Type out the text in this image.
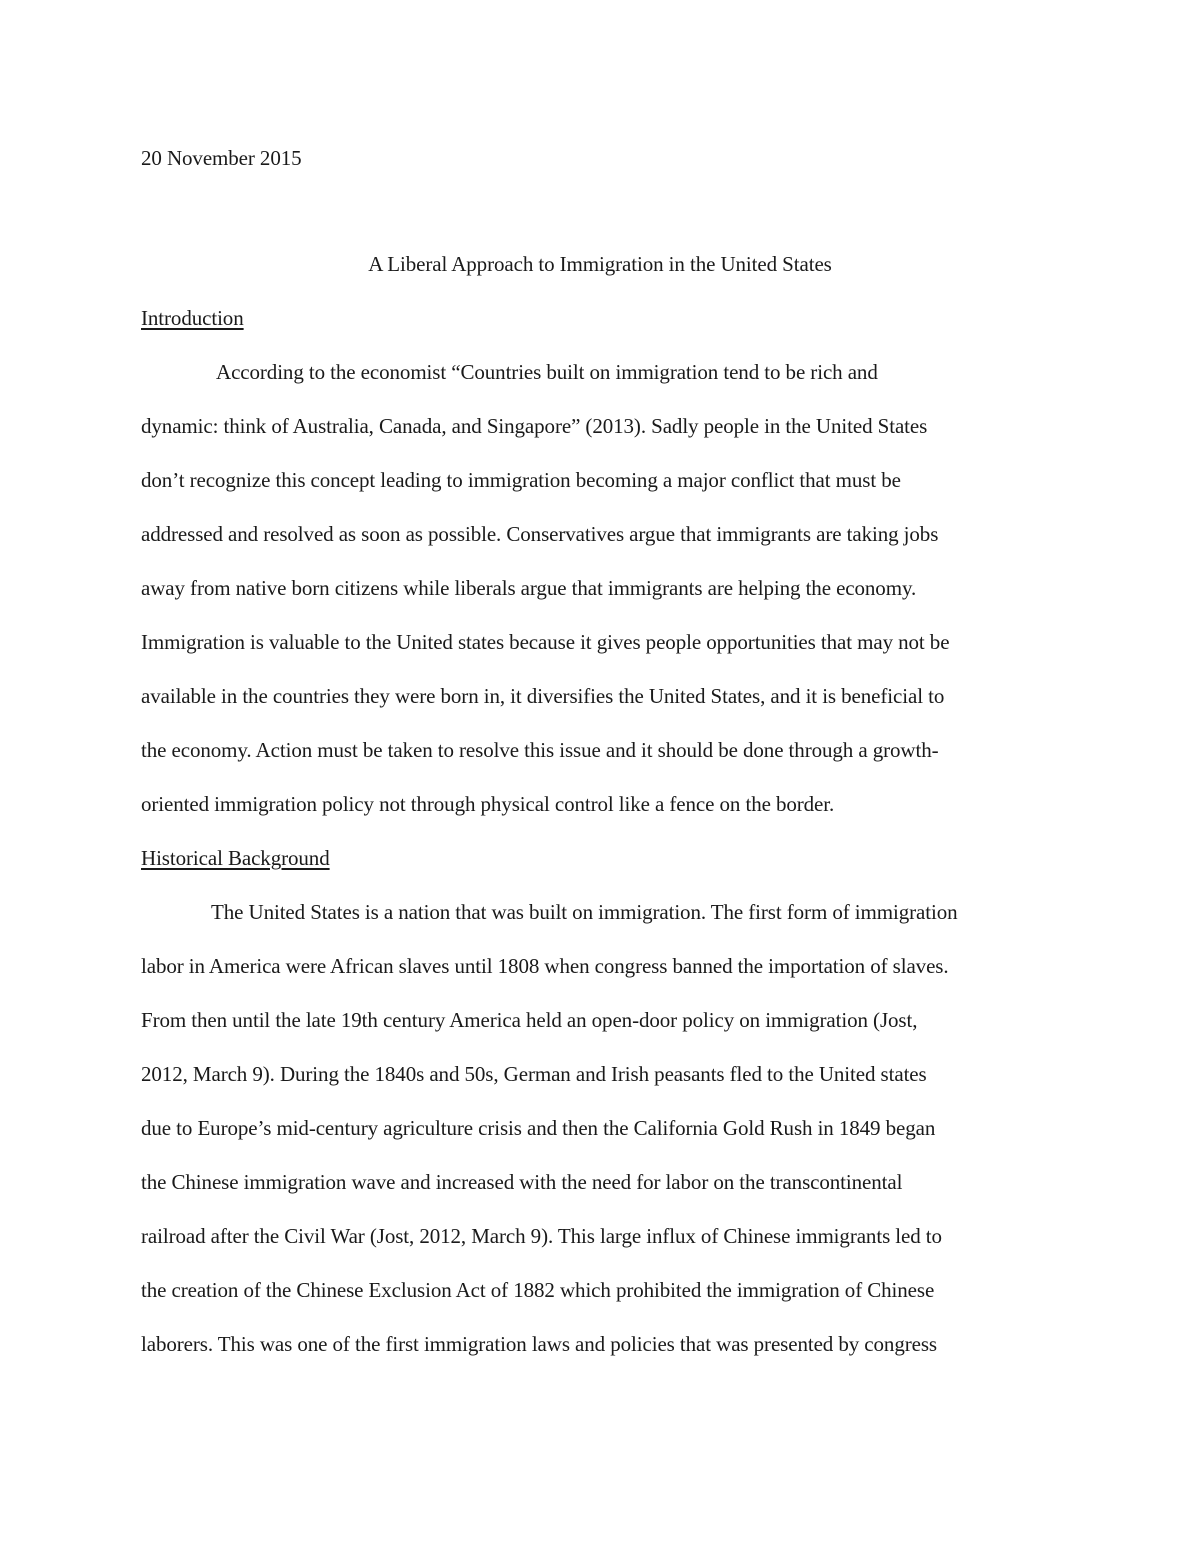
20 November 2015
A Liberal Approach to Immigration in the United States
Introduction
According to the economist “Countries built on immigration tend to be rich and
dynamic: think of Australia, Canada, and Singapore” (2013). Sadly people in the United States
don’t recognize this concept leading to immigration becoming a major conflict that must be
addressed and resolved as soon as possible. Conservatives argue that immigrants are taking jobs
away from native born citizens while liberals argue that immigrants are helping the economy.
Immigration is valuable to the United states because it gives people opportunities that may not be
available in the countries they were born in, it diversifies the United States, and it is beneficial to
the economy. Action must be taken to resolve this issue and it should be done through a growth-
oriented immigration policy not through physical control like a fence on the border.
Historical Background
The United States is a nation that was built on immigration. The first form of immigration
labor in America were African slaves until 1808 when congress banned the importation of slaves.
From then until the late 19th century America held an open-door policy on immigration (Jost,
2012, March 9). During the 1840s and 50s, German and Irish peasants fled to the United states
due to Europe’s mid-century agriculture crisis and then the California Gold Rush in 1849 began
the Chinese immigration wave and increased with the need for labor on the transcontinental
railroad after the Civil War (Jost, 2012, March 9). This large influx of Chinese immigrants led to
the creation of the Chinese Exclusion Act of 1882 which prohibited the immigration of Chinese
laborers. This was one of the first immigration laws and policies that was presented by congress
